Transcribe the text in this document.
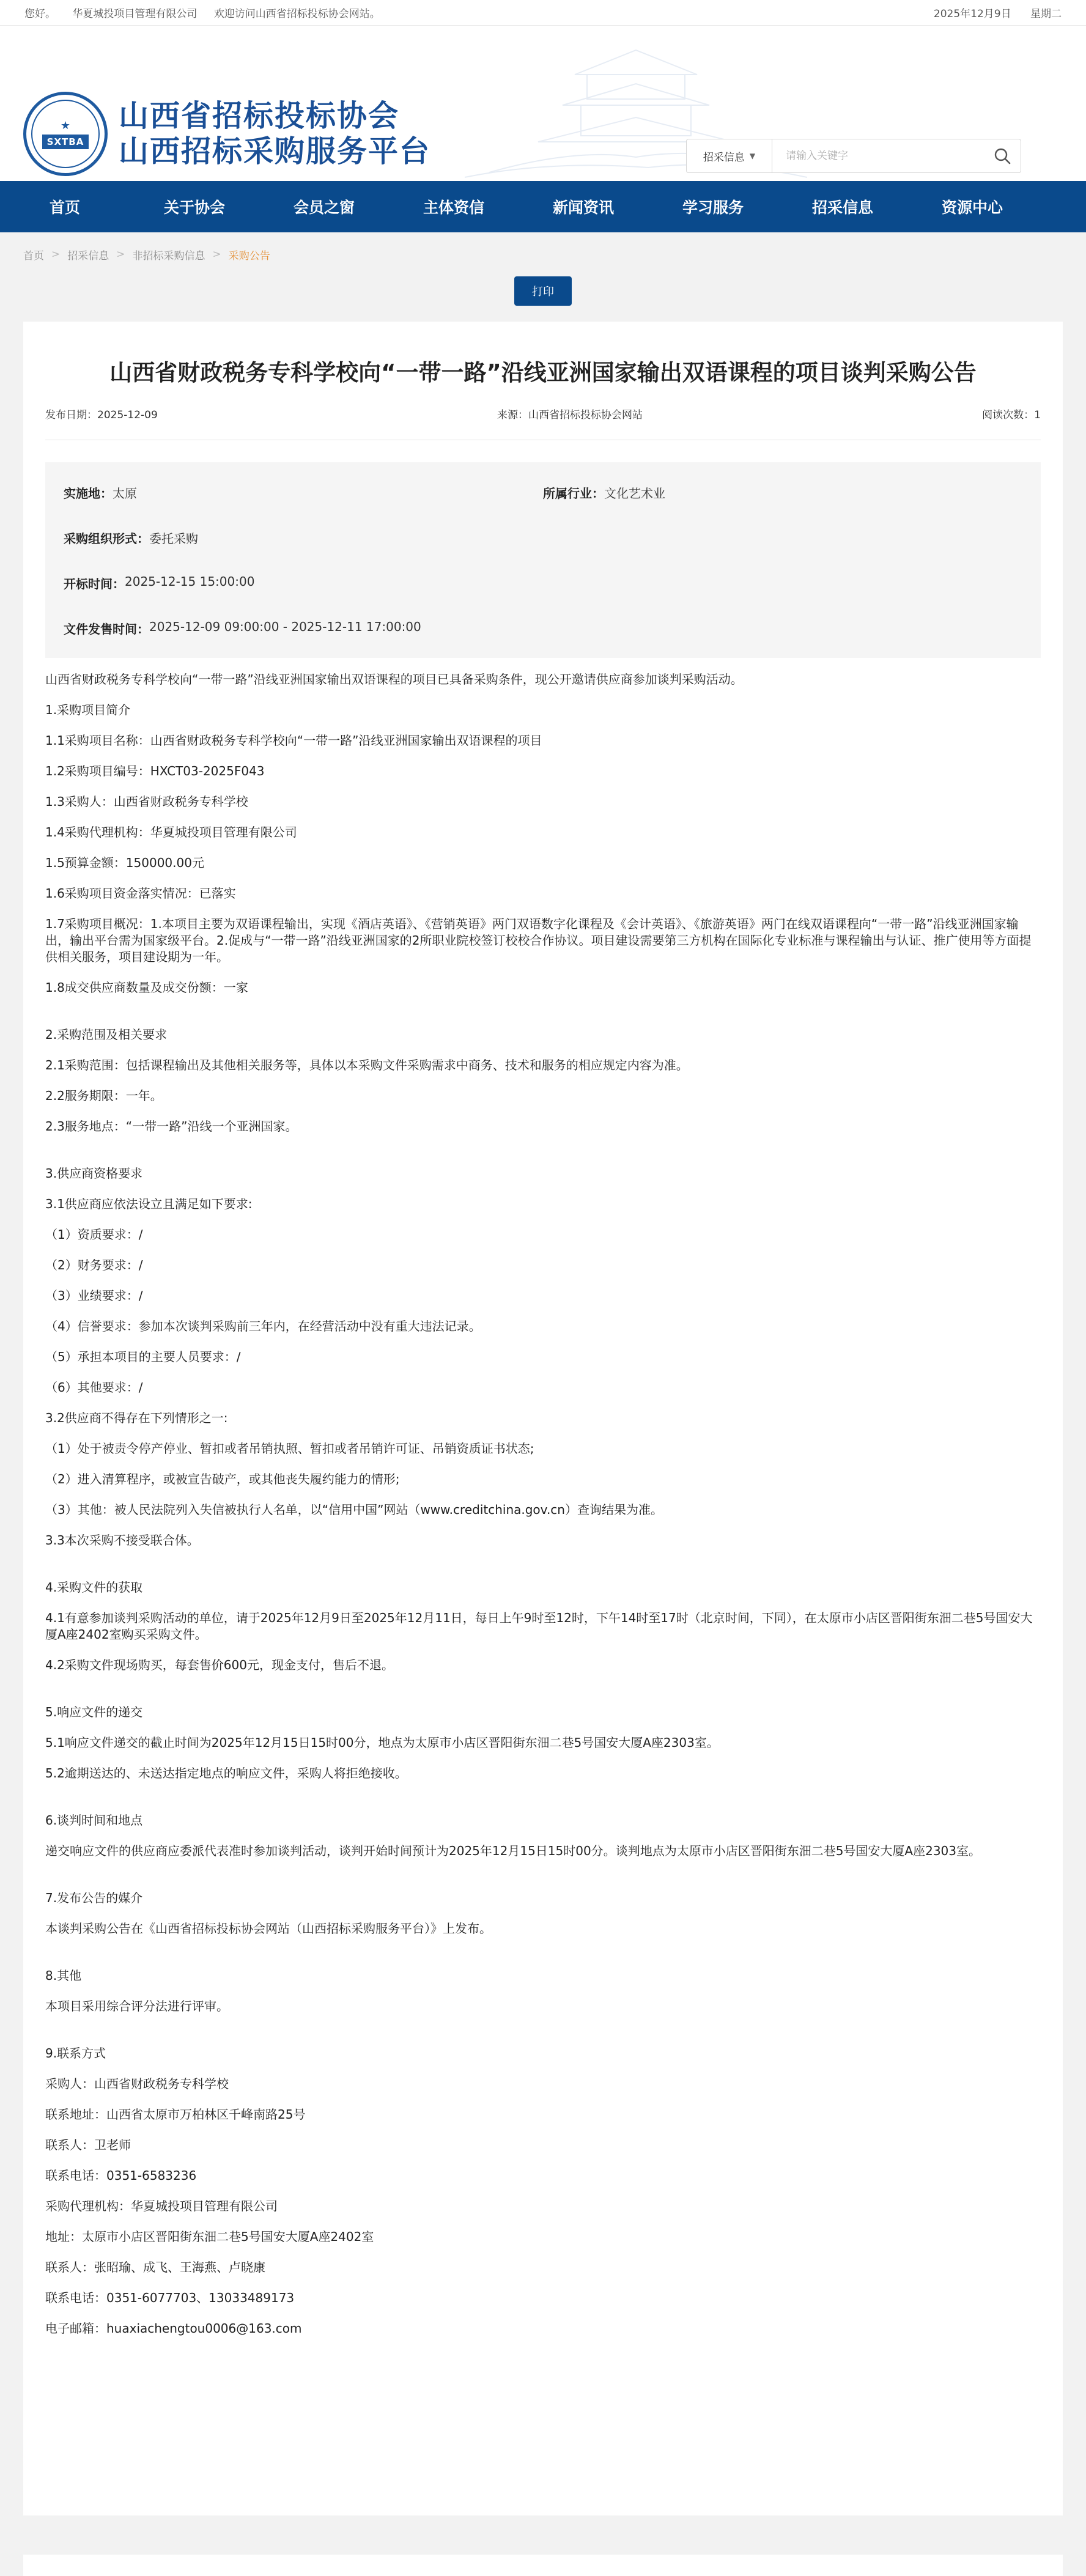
您好。 华夏城投项目管理有限公司 欢迎访问山西省招标投标协会网站。	2025年12月9日 星期二
★
SXTBA
山西省招标投标协会
山西招标采购服务平台	招采信息 ▼
请输入关键字
首页	关于协会	会员之窗	主体资信	新闻资讯	学习服务	招采信息	资源中心
首页 > 招采信息 > 非招标采购信息 > 采购公告
打印
山西省财政税务专科学校向“一带一路”沿线亚洲国家输出双语课程的项目谈判采购公告
发布日期：2025-12-09	来源：山西省招标投标协会网站	阅读次数：1
实施地： 太原	所属行业： 文化艺术业
采购组织形式： 委托采购
开标时间： 2025-12-15 15:00:00
文件发售时间： 2025-12-09 09:00:00 - 2025-12-11 17:00:00

山西省财政税务专科学校向“一带一路”沿线亚洲国家输出双语课程的项目已具备采购条件，现公开邀请供应商参加谈判采购活动。

1.采购项目简介

1.1采购项目名称：山西省财政税务专科学校向“一带一路”沿线亚洲国家输出双语课程的项目

1.2采购项目编号：HXCT03-2025F043

1.3采购人：山西省财政税务专科学校

1.4采购代理机构：华夏城投项目管理有限公司

1.5预算金额：150000.00元

1.6采购项目资金落实情况：已落实

1.7采购项目概况：1.本项目主要为双语课程输出，实现《酒店英语》、《营销英语》两门双语数字化课程及《会计英语》、《旅游英语》两门在线双语课程向“一带一路”沿线亚洲国家输出，输出平台需为国家级平台。2.促成与“一带一路”沿线亚洲国家的2所职业院校签订校校合作协议。项目建设需要第三方机构在国际化专业标准与课程输出与认证、推广使用等方面提供相关服务，项目建设期为一年。

1.8成交供应商数量及成交份额：一家

2.采购范围及相关要求

2.1采购范围：包括课程输出及其他相关服务等，具体以本采购文件采购需求中商务、技术和服务的相应规定内容为准。

2.2服务期限：一年。

2.3服务地点：“一带一路”沿线一个亚洲国家。

3.供应商资格要求

3.1供应商应依法设立且满足如下要求:

（1）资质要求：/

（2）财务要求：/

（3）业绩要求：/

（4）信誉要求：参加本次谈判采购前三年内，在经营活动中没有重大违法记录。

（5）承担本项目的主要人员要求：/

（6）其他要求：/

3.2供应商不得存在下列情形之一:

（1）处于被责令停产停业、暂扣或者吊销执照、暂扣或者吊销许可证、吊销资质证书状态;

（2）进入清算程序，或被宣告破产，或其他丧失履约能力的情形;

（3）其他：被人民法院列入失信被执行人名单，以“信用中国”网站（www.creditchina.gov.cn）查询结果为准。

3.3本次采购不接受联合体。

4.采购文件的获取

4.1有意参加谈判采购活动的单位，请于2025年12月9日至2025年12月11日，每日上午9时至12时，下午14时至17时（北京时间，下同），在太原市小店区晋阳街东沺二巷5号国安大厦A座2402室购买采购文件。

4.2采购文件现场购买，每套售价600元，现金支付，售后不退。

5.响应文件的递交

5.1响应文件递交的截止时间为2025年12月15日15时00分，地点为太原市小店区晋阳街东沺二巷5号国安大厦A座2303室。

5.2逾期送达的、未送达指定地点的响应文件，采购人将拒绝接收。

6.谈判时间和地点

递交响应文件的供应商应委派代表准时参加谈判活动，谈判开始时间预计为2025年12月15日15时00分。谈判地点为太原市小店区晋阳街东沺二巷5号国安大厦A座2303室。

7.发布公告的媒介

本谈判采购公告在《山西省招标投标协会网站（山西招标采购服务平台）》上发布。

8.其他

本项目采用综合评分法进行评审。

9.联系方式

采购人：山西省财政税务专科学校

联系地址：山西省太原市万柏林区千峰南路25号

联系人：卫老师

联系电话：0351-6583236

采购代理机构：华夏城投项目管理有限公司

地址：太原市小店区晋阳街东沺二巷5号国安大厦A座2402室

联系人：张昭瑜、成飞、王海燕、卢晓康

联系电话：0351-6077703、13033489173

电子邮箱：huaxiachengtou0006@163.com
